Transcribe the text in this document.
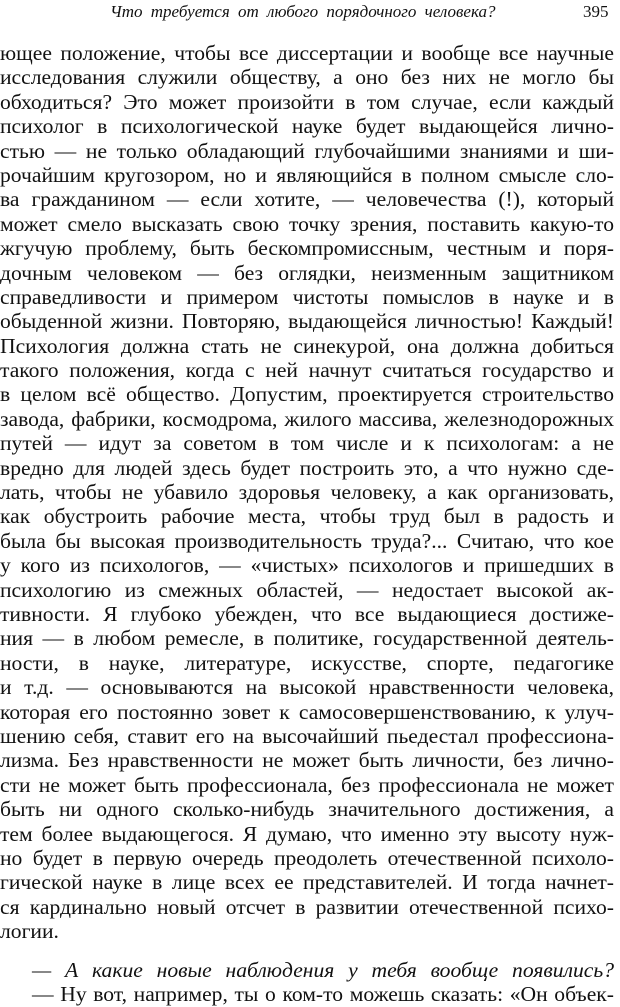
Что требуется от любого порядочного человека?	395
ющее положение, чтобы все диссертации и вообще все научные
исследования служили обществу, а оно без них не могло бы
обходиться? Это может произойти в том случае, если каждый
психолог в психологической науке будет выдающейся лично-
стью — не только обладающий глубочайшими знаниями и ши-
рочайшим кругозором, но и являющийся в полном смысле сло-
ва гражданином — если хотите, — человечества (!), который
может смело высказать свою точку зрения, поставить какую-то
жгучую проблему, быть бескомпромиссным, честным и поря-
дочным человеком — без оглядки, неизменным защитником
справедливости и примером чистоты помыслов в науке и в
обыденной жизни. Повторяю, выдающейся личностью! Каждый!
Психология должна стать не синекурой, она должна добиться
такого положения, когда с ней начнут считаться государство и
в целом всё общество. Допустим, проектируется строительство
завода, фабрики, космодрома, жилого массива, железнодорожных
путей — идут за советом в том числе и к психологам: а не
вредно для людей здесь будет построить это, а что нужно сде-
лать, чтобы не убавило здоровья человеку, а как организовать,
как обустроить рабочие места, чтобы труд был в радость и
была бы высокая производительность труда?... Считаю, что кое
у кого из психологов, — «чистых» психологов и пришедших в
психологию из смежных областей, — недостает высокой ак-
тивности. Я глубоко убежден, что все выдающиеся достиже-
ния — в любом ремесле, в политике, государственной деятель-
ности, в науке, литературе, искусстве, спорте, педагогике
и т.д. — основываются на высокой нравственности человека,
которая его постоянно зовет к самосовершенствованию, к улуч-
шению себя, ставит его на высочайший пьедестал профессиона-
лизма. Без нравственности не может быть личности, без личнo-
сти не может быть профессионала, без профессионала не может
быть ни одного сколько-нибудь значительного достижения, а
тем более выдающегося. Я думаю, что именно эту высоту нуж-
но будет в первую очередь преодолеть отечественной психоло-
гической науке в лице всех ее представителей. И тогда начнет-
ся кардинально новый отсчет в развитии отечественной психо-
логии.
— А какие новые наблюдения у тебя вообще появились?
— Ну вот, например, ты о ком-то можешь сказать: «Он объек-
